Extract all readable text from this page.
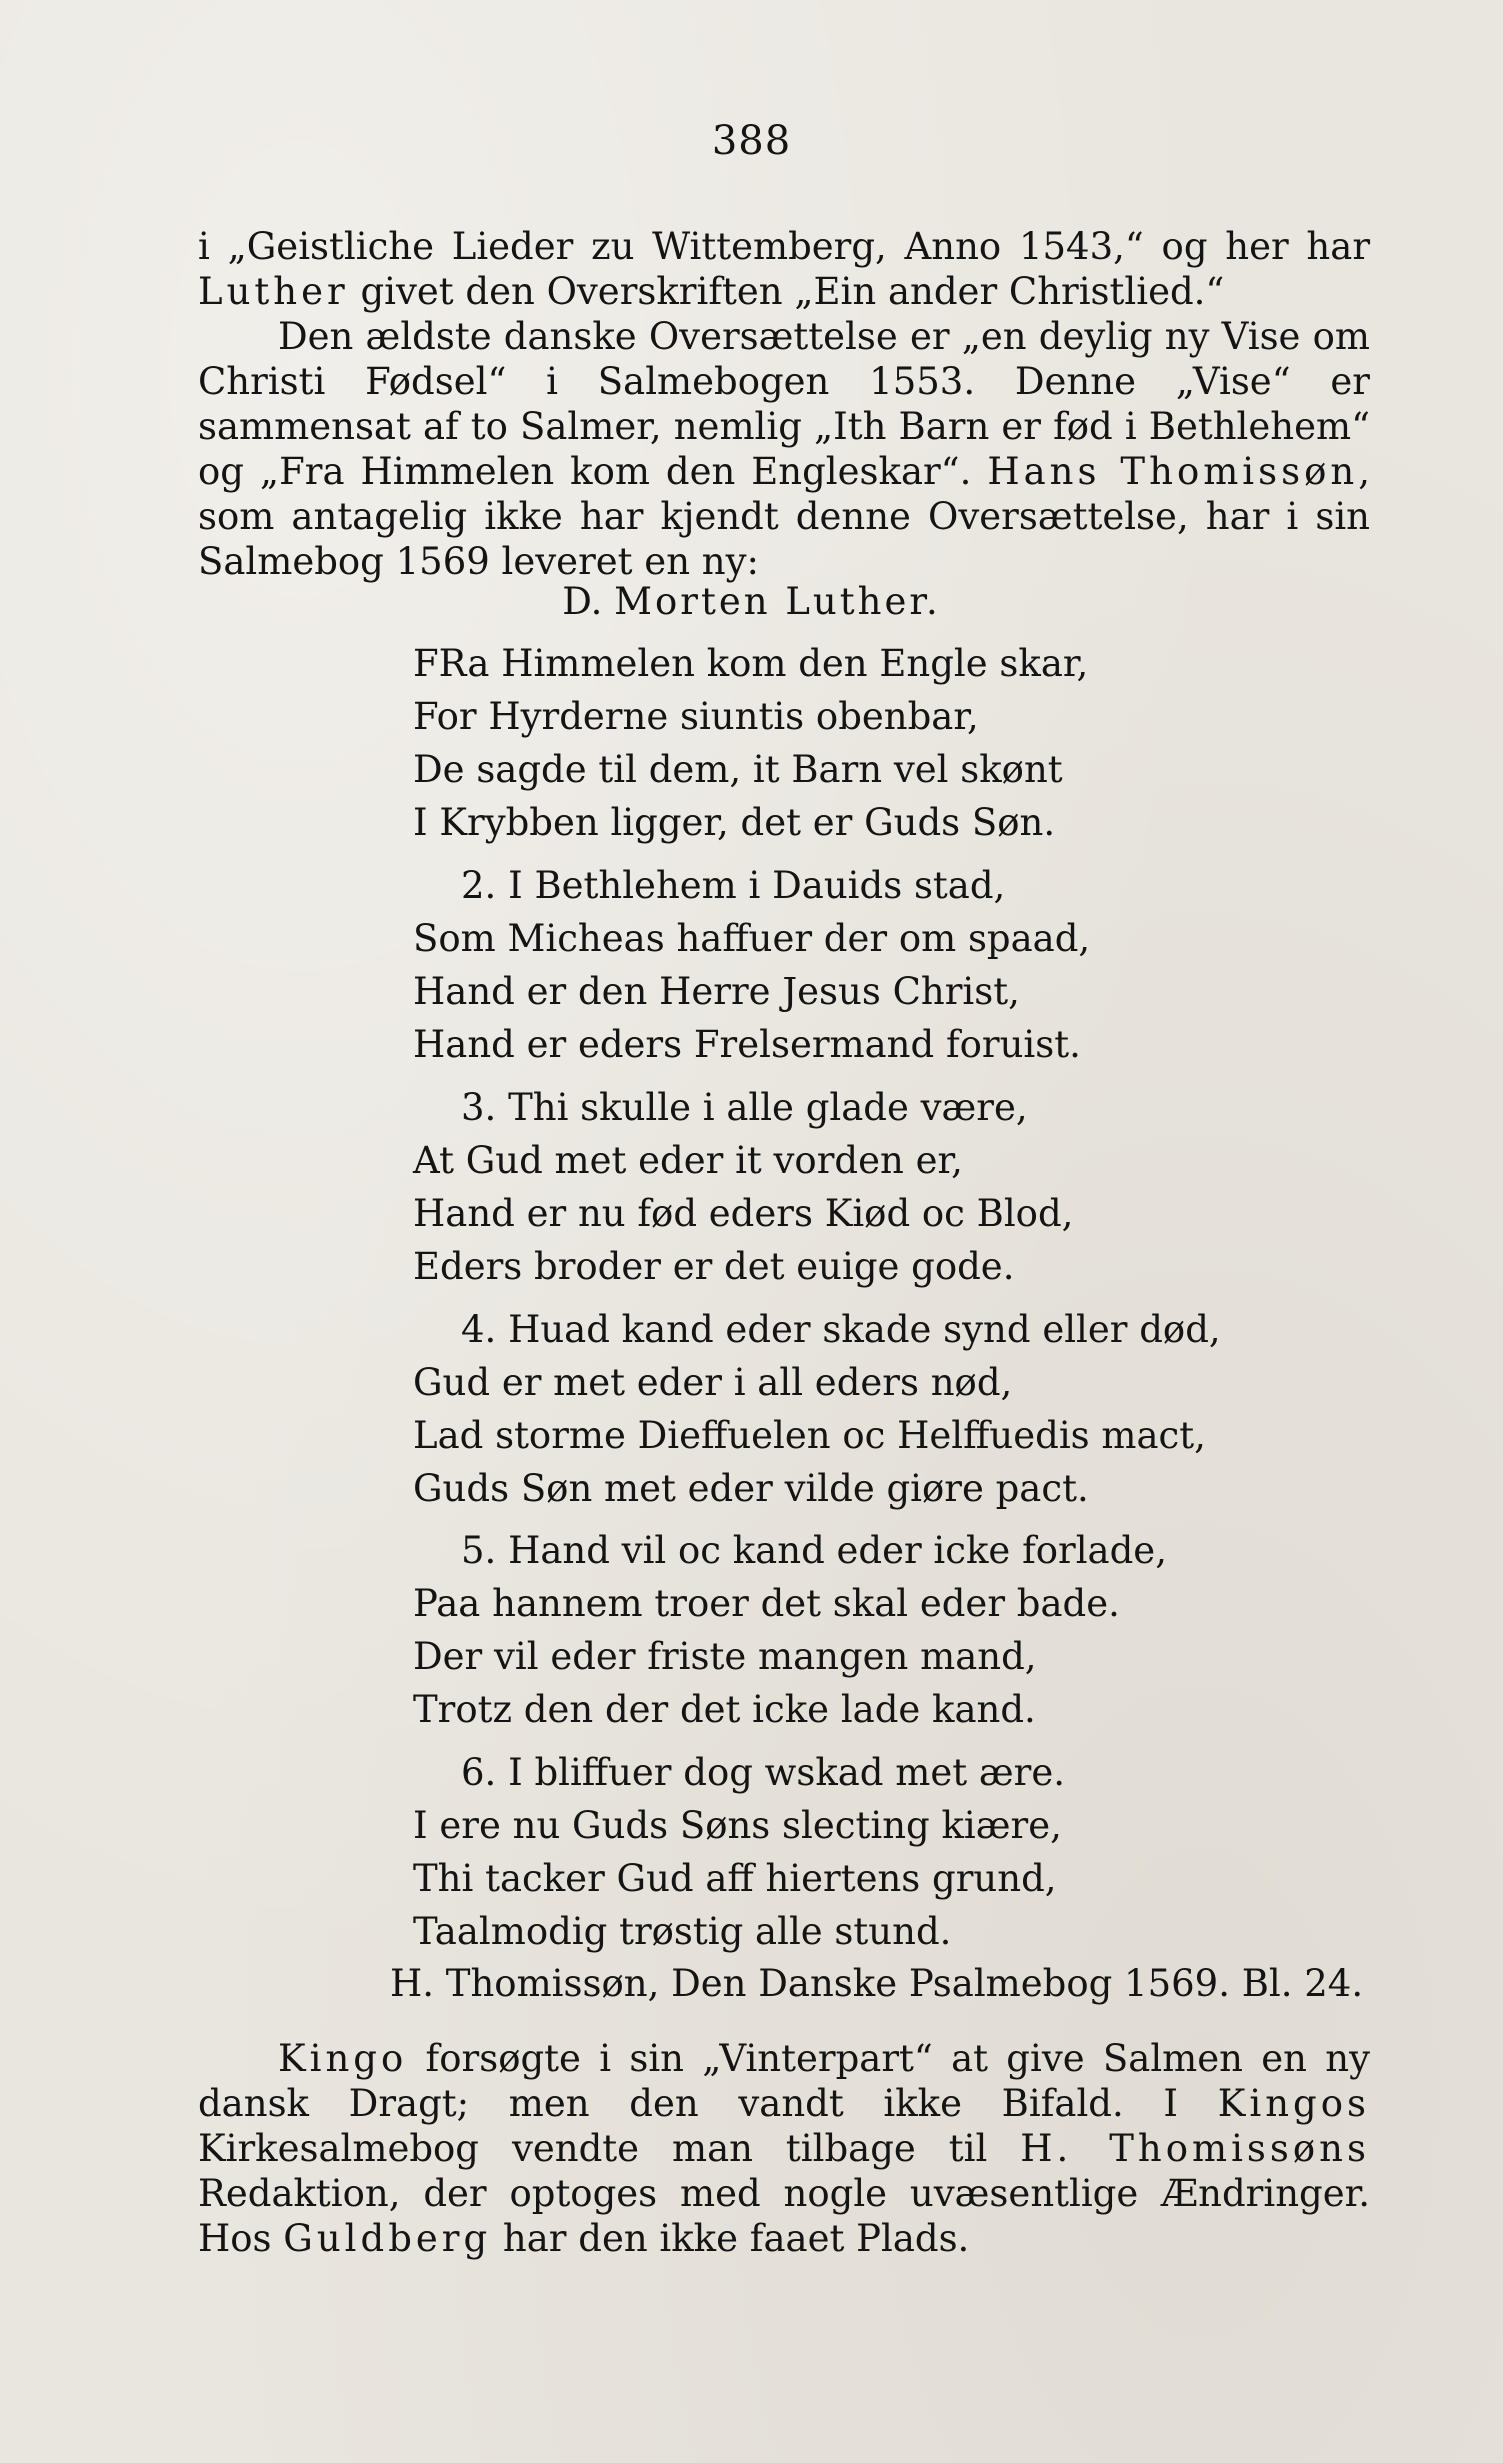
388

i „Geistliche Lieder zu Wittemberg, Anno 1543,“ og her har Luther givet den Overskriften „Ein ander Christlied.“

Den ældste danske Oversættelse er „en deylig ny Vise om Christi Fødsel“ i Salmebogen 1553. Denne „Vise“ er sammensat af to Salmer, nemlig „Ith Barn er fød i Bethlehem“ og „Fra Himmelen kom den Engleskar“. Hans Thomissøn, som antagelig ikke har kjendt denne Oversættelse, har i sin Salmebog 1569 leveret en ny:

D. Morten Luther.
FRa Himmelen kom den Engle skar,
For Hyrderne siuntis obenbar,
De sagde til dem, it Barn vel skønt
I Krybben ligger, det er Guds Søn.
2. I Bethlehem i Dauids stad,
Som Micheas haffuer der om spaad,
Hand er den Herre Jesus Christ,
Hand er eders Frelsermand foruist.
3. Thi skulle i alle glade være,
At Gud met eder it vorden er,
Hand er nu fød eders Kiød oc Blod,
Eders broder er det euige gode.
4. Huad kand eder skade synd eller død,
Gud er met eder i all eders nød,
Lad storme Dieffuelen oc Helffuedis mact,
Guds Søn met eder vilde giøre pact.
5. Hand vil oc kand eder icke forlade,
Paa hannem troer det skal eder bade.
Der vil eder friste mangen mand,
Trotz den der det icke lade kand.
6. I bliffuer dog wskad met ære.
I ere nu Guds Søns slecting kiære,
Thi tacker Gud aff hiertens grund,
Taalmodig trøstig alle stund.
H. Thomissøn, Den Danske Psalmebog 1569. Bl. 24.

Kingo forsøgte i sin „Vinterpart“ at give Salmen en ny dansk Dragt; men den vandt ikke Bifald. I Kingos Kirkesalmebog vendte man tilbage til H. Thomissøns Redaktion, der optoges med nogle uvæsentlige Ændringer. Hos Guldberg har den ikke faaet Plads.
